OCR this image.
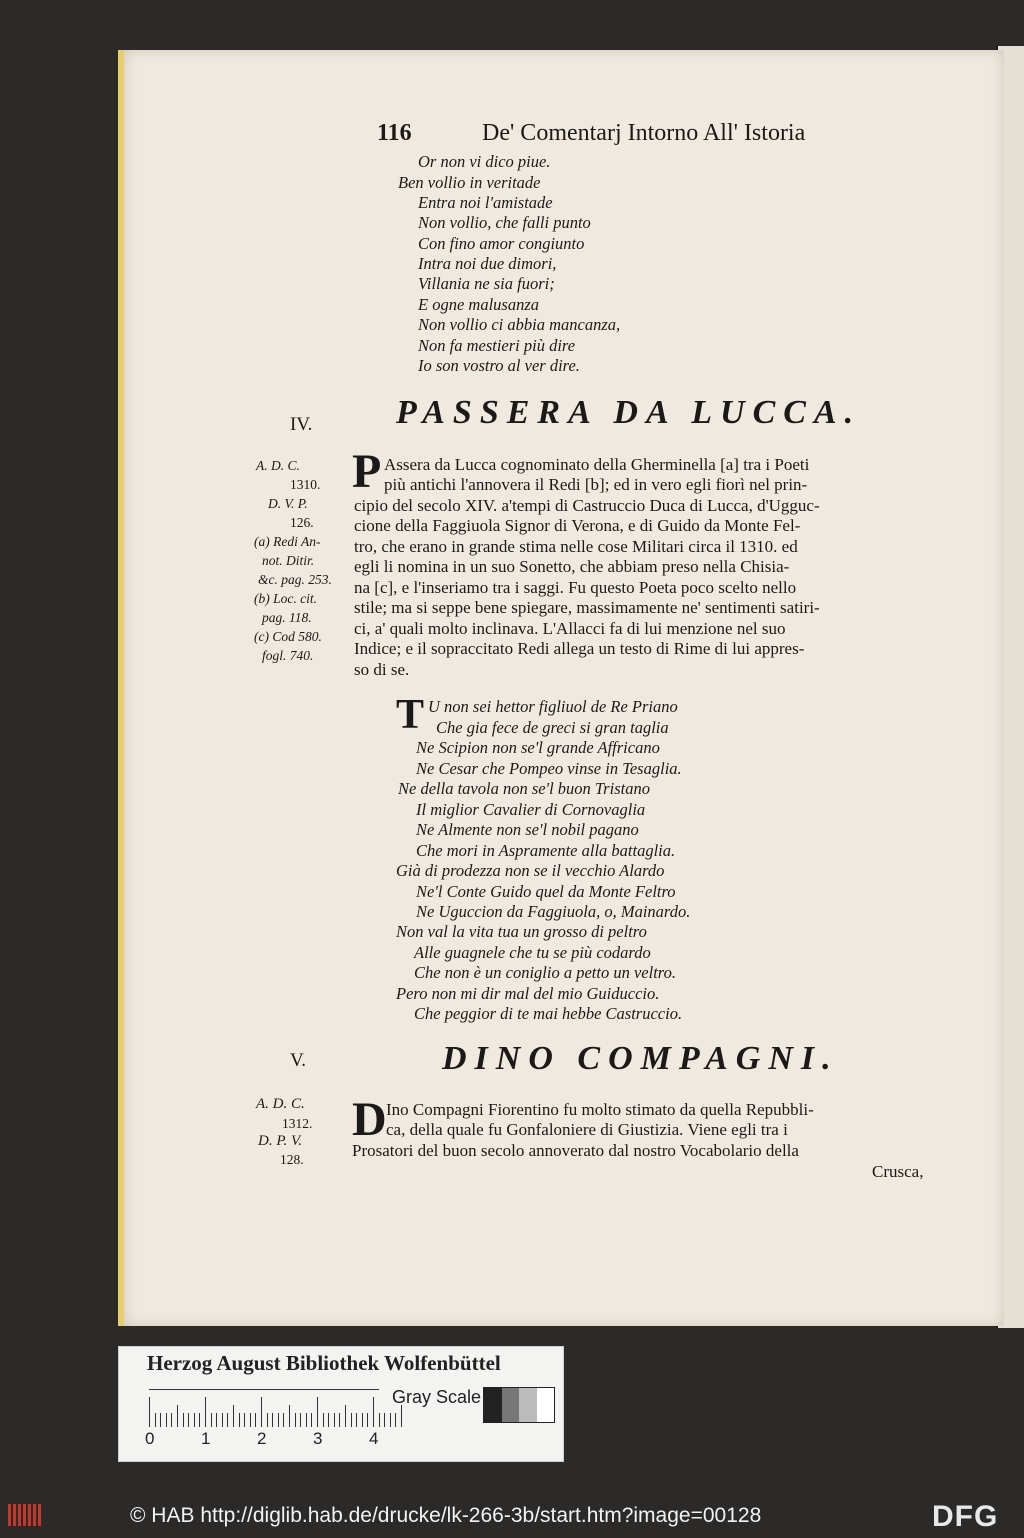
116	De' Comentarj Intorno All' Istoria
Or non vi dico piue.
Ben vollio in veritade
Entra noi l'amistade
Non vollio, che falli punto
Con fino amor congiunto
Intra noi due dimori,
Villania ne sia fuori;
E ogne malusanza
Non vollio ci abbia mancanza,
Non fa mestieri più dire
Io son vostro al ver dire.
IV. PASSERA DA LUCCA.
A. D. C.
1310.
D. V. P.
126.
(a) Redi An-
not. Ditir.
&c. pag. 253.
(b) Loc. cit.
pag. 118.
(c) Cod 580.
fogl. 740.
P Assera da Lucca cognominato della Gherminella [a] tra i Poeti
più antichi l'annovera il Redi [b]; ed in vero egli fiorì nel prin-
cipio del secolo XIV. a'tempi di Castruccio Duca di Lucca, d'Ugguc-
cione della Faggiuola Signor di Verona, e di Guido da Monte Fel-
tro, che erano in grande stima nelle cose Militari circa il 1310. ed
egli li nomina in un suo Sonetto, che abbiam preso nella Chisia-
na [c], e l'inseriamo tra i saggi. Fu questo Poeta poco scelto nello
stile; ma si seppe bene spiegare, massimamente ne' sentimenti satiri-
ci, a' quali molto inclinava. L'Allacci fa di lui menzione nel suo
Indice; e il sopraccitato Redi allega un testo di Rime di lui appres-
so di se.
T U non sei hettor figliuol de Re Priano
Che gia fece de greci si gran taglia
Ne Scipion non se'l grande Affricano
Ne Cesar che Pompeo vinse in Tesaglia.
Ne della tavola non se'l buon Tristano
Il miglior Cavalier di Cornovaglia
Ne Almente non se'l nobil pagano
Che mori in Aspramente alla battaglia.
Già di prodezza non se il vecchio Alardo
Ne'l Conte Guido quel da Monte Feltro
Ne Uguccion da Faggiuola, o, Mainardo.
Non val la vita tua un grosso di peltro
Alle guagnele che tu se più codardo
Che non è un coniglio a petto un veltro.
Pero non mi dir mal del mio Guiduccio.
Che peggior di te mai hebbe Castruccio.
V.	DINO COMPAGNI.
A. D. C.
1312.
D. P. V.
128.
D Ino Compagni Fiorentino fu molto stimato da quella Repubbli-
ca, della quale fu Gonfaloniere di Giustizia. Viene egli tra i
Prosatori del buon secolo annoverato dal nostro Vocabolario della
Crusca,
Herzog August Bibliothek Wolfenbüttel
0	1	2	3	4
Gray Scale
© HAB http://diglib.hab.de/drucke/lk-266-3b/start.htm?image=00128	DFG
